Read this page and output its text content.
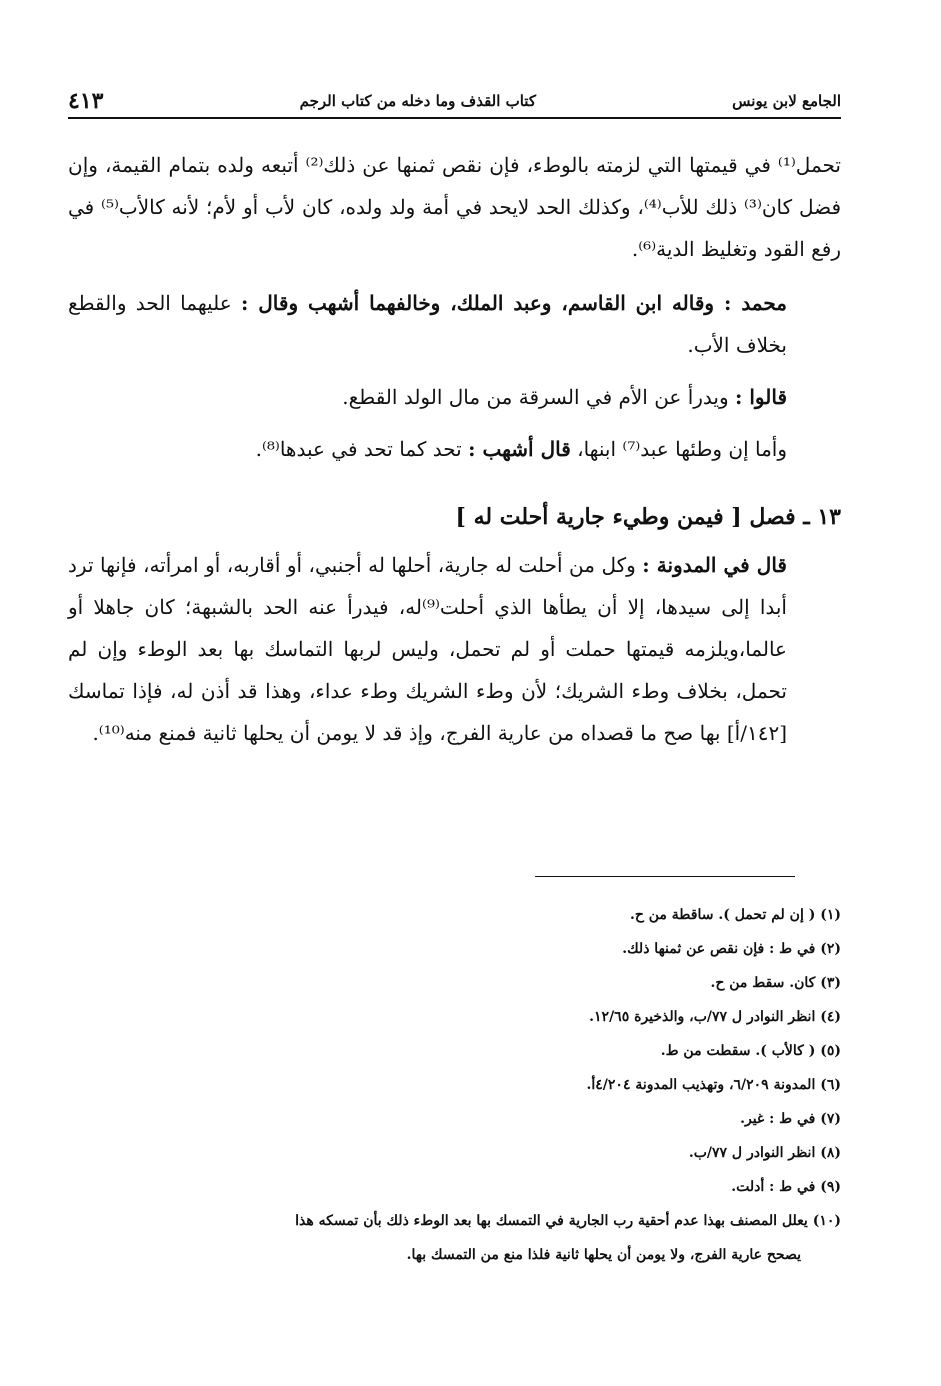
الجامع لابن يونس
كتاب القذف وما دخله من كتاب الرجم
٤١٣

تحمل⁽¹⁾ في قيمتها التي لزمته بالوطء، فإن نقص ثمنها عن ذلك⁽²⁾ أتبعه ولده بتمام القيمة، وإن فضل كان⁽³⁾ ذلك للأب⁽⁴⁾، وكذلك الحد لايحد في أمة ولد ولده، كان لأب أو لأم؛ لأنه كالأب⁽⁵⁾ في رفع القود وتغليظ الدية⁽⁶⁾.

محمد : وقاله ابن القاسم، وعبد الملك، وخالفهما أشهب وقال : عليهما الحد والقطع بخلاف الأب.

قالوا : ويدرأ عن الأم في السرقة من مال الولد القطع.

وأما إن وطئها عبد⁽⁷⁾ ابنها، قال أشهب : تحد كما تحد في عبدها⁽⁸⁾.

١٣ ـ فصل [ فيمن وطيء جارية أحلت له ]

قال في المدونة : وكل من أحلت له جارية، أحلها له أجنبي، أو أقاربه، أو امرأته، فإنها ترد أبدا إلى سيدها، إلا أن يطأها الذي أحلت⁽⁹⁾له، فيدرأ عنه الحد بالشبهة؛ كان جاهلا أو عالما،ويلزمه قيمتها حملت أو لم تحمل، وليس لربها التماسك بها بعد الوطء وإن لم تحمل، بخلاف وطء الشريك؛ لأن وطء الشريك وطء عداء، وهذا قد أذن له، فإذا تماسك [١٤٢/أ] بها صح ما قصداه من عارية الفرج، وإذ قد لا يومن أن يحلها ثانية فمنع منه⁽¹⁰⁾.

(١) ( إن لم تحمل ). ساقطة من ح.

(٢) في ط : فإن نقص عن ثمنها ذلك.

(٣) كان. سقط من ح.

(٤) انظر النوادر ل ٧٧/ب، والذخيرة ١٢/٦٥.

(٥) ( كالأب ). سقطت من ط.

(٦) المدونة ٦/٢٠٩، وتهذيب المدونة ٤/٢٠٤أ.

(٧) في ط : غير.

(٨) انظر النوادر ل ٧٧/ب.

(٩) في ط : أدلت.

(١٠) يعلل المصنف بهذا عدم أحقية رب الجارية في التمسك بها بعد الوطء ذلك بأن تمسكه هذا

يصحح عارية الفرج، ولا يومن أن يحلها ثانية فلذا منع من التمسك بها.
